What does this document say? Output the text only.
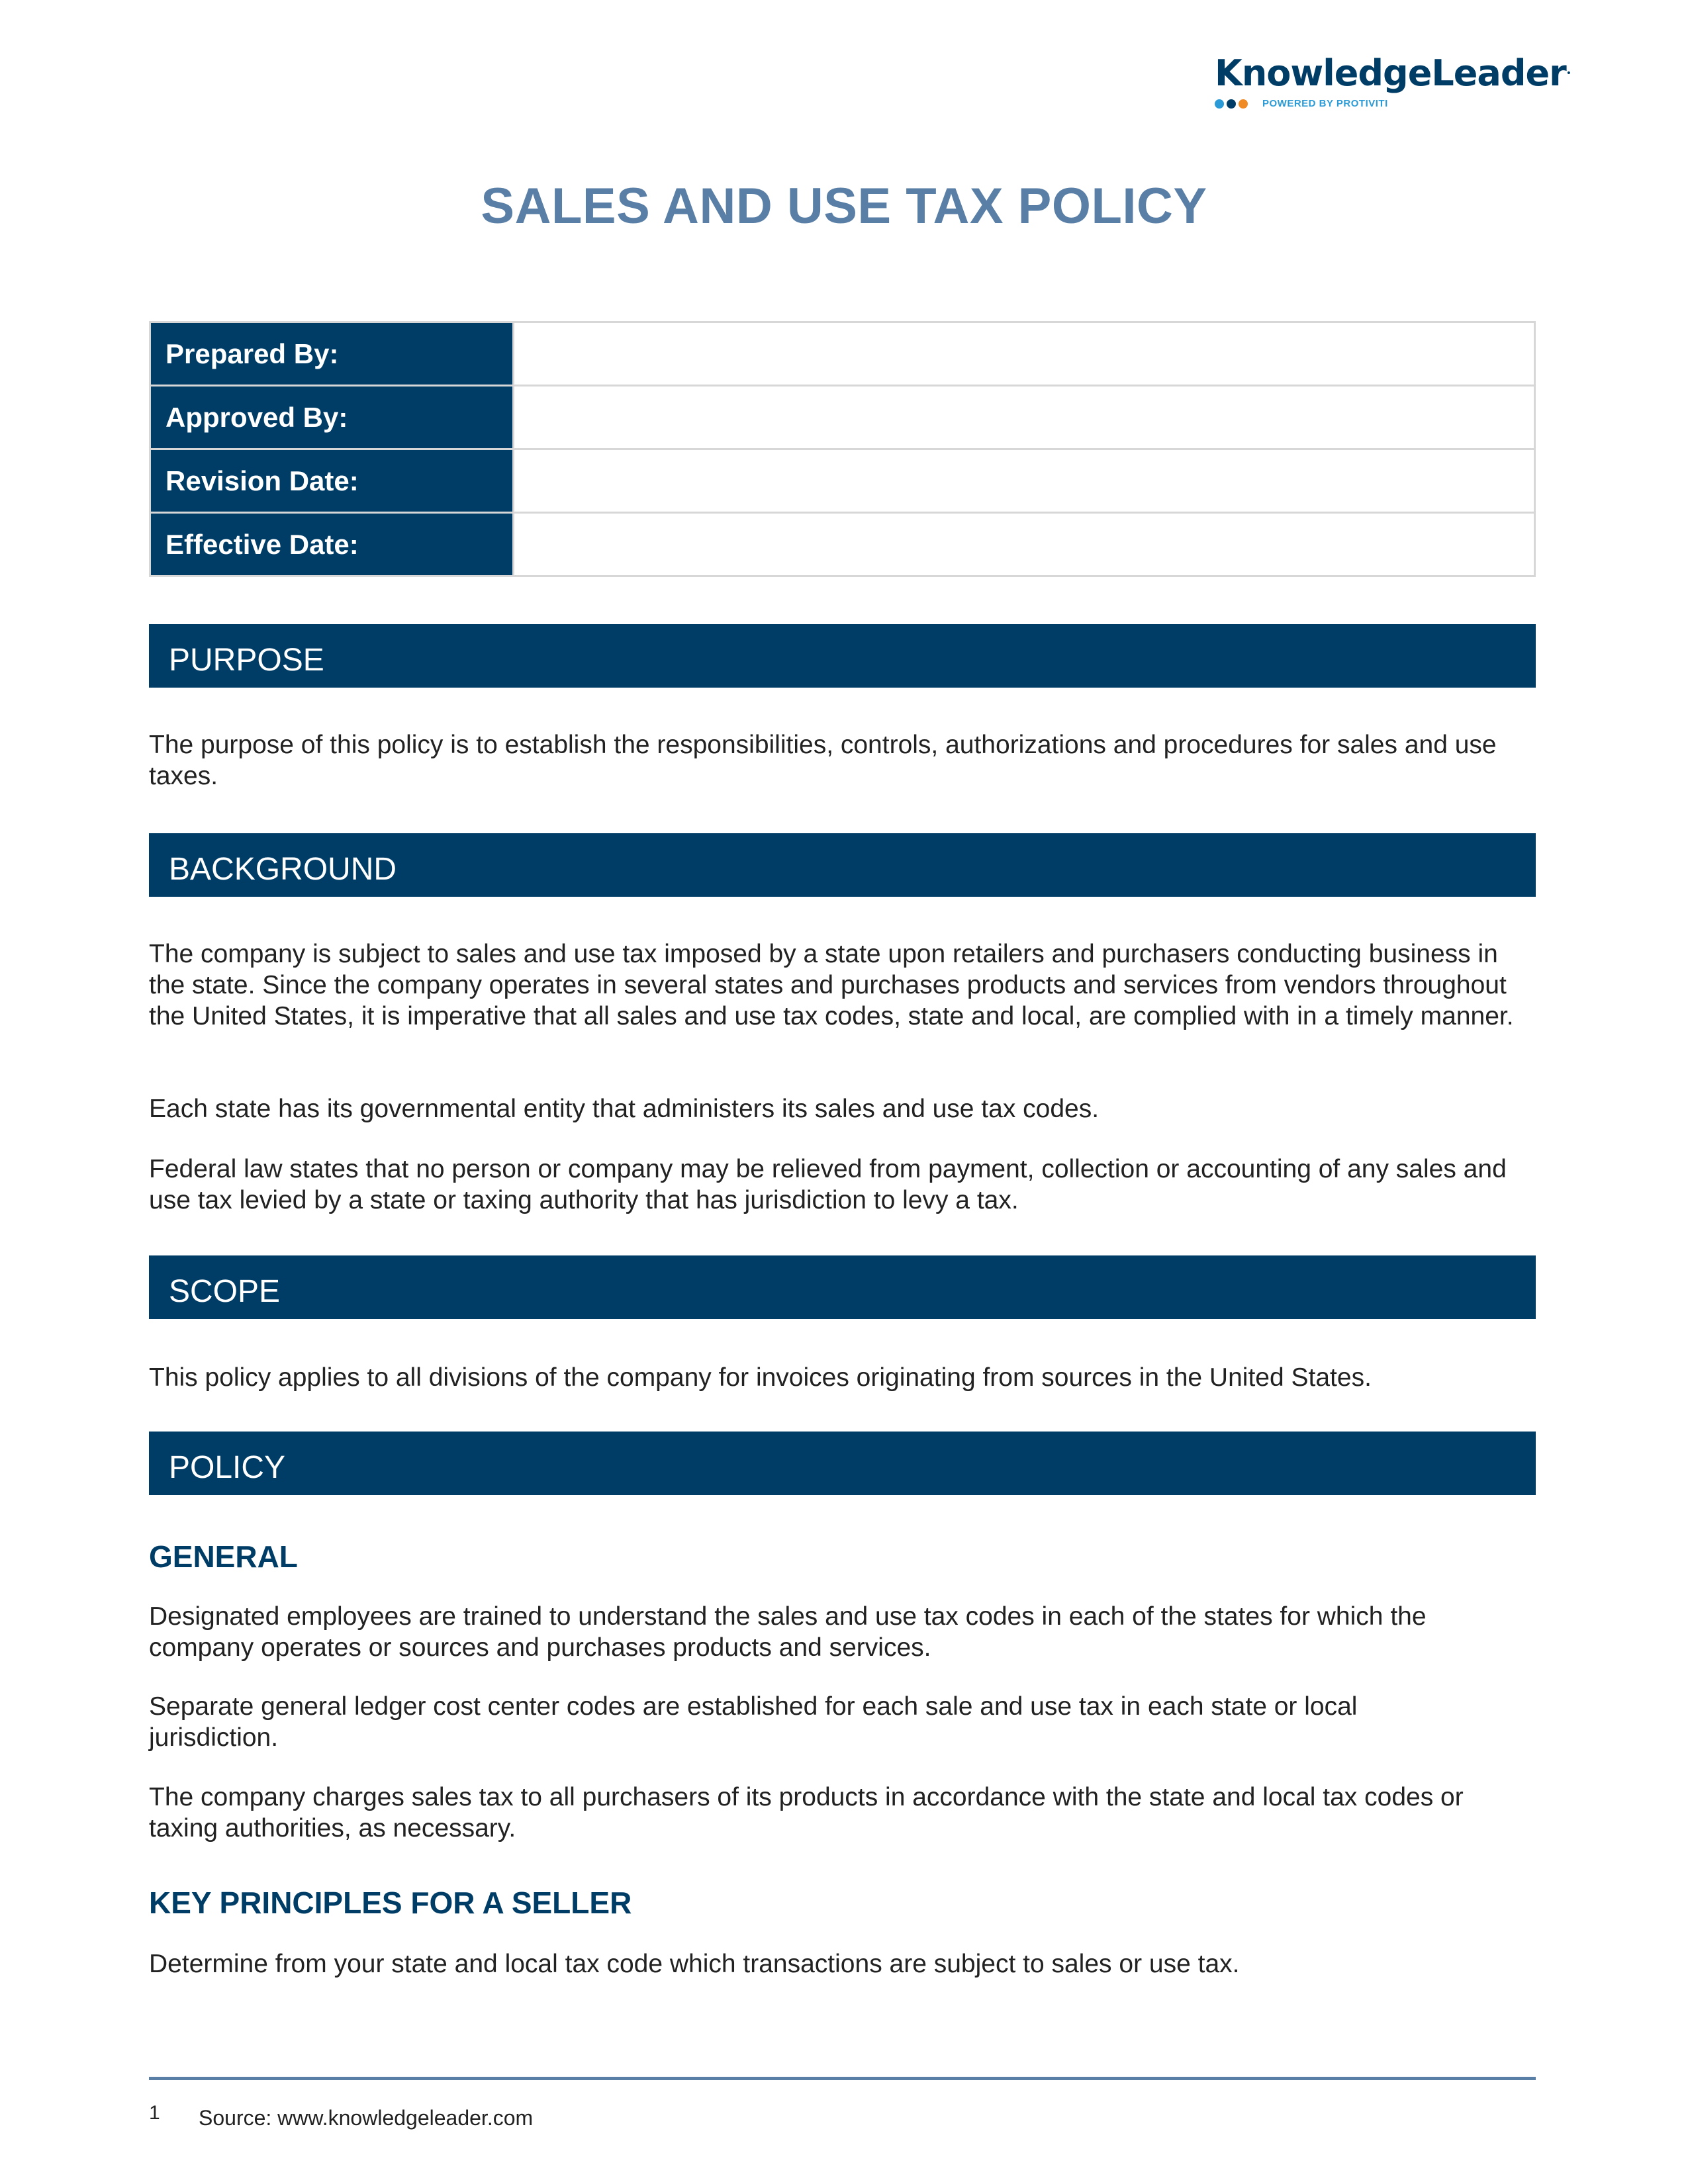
KnowledgeLeader•
POWERED BY PROTIVITI
SALES AND USE TAX POLICY
Prepared By:	
Approved By:	
Revision Date:	
Effective Date:	
PURPOSE
The purpose of this policy is to establish the responsibilities, controls, authorizations and procedures for sales and use taxes.
BACKGROUND
The company is subject to sales and use tax imposed by a state upon retailers and purchasers conducting business in the state. Since the company operates in several states and purchases products and services from vendors throughout the United States, it is imperative that all sales and use tax codes, state and local, are complied with in a timely manner.
Each state has its governmental entity that administers its sales and use tax codes.
Federal law states that no person or company may be relieved from payment, collection or accounting of any sales and use tax levied by a state or taxing authority that has jurisdiction to levy a tax.
SCOPE
This policy applies to all divisions of the company for invoices originating from sources in the United States.
POLICY
GENERAL
Designated employees are trained to understand the sales and use tax codes in each of the states for which the company operates or sources and purchases products and services.
Separate general ledger cost center codes are established for each sale and use tax in each state or local jurisdiction.
The company charges sales tax to all purchasers of its products in accordance with the state and local tax codes or taxing authorities, as necessary.
KEY PRINCIPLES FOR A SELLER
Determine from your state and local tax code which transactions are subject to sales or use tax.
1 Source: www.knowledgeleader.com
